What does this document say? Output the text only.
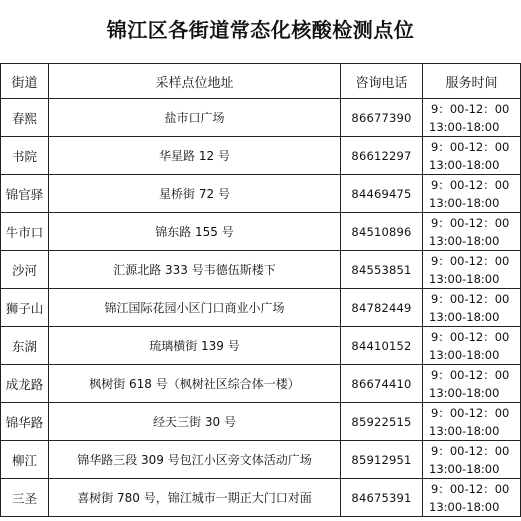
锦江区各街道常态化核酸检测点位
街道	采样点位地址	咨询电话	服务时间
春熙	盐市口广场	86677390	9：00-12：00
13:00-18:00

书院	华星路 12 号	86612297	9：00-12：00
13:00-18:00

锦官驿	星桥街 72 号	84469475	9：00-12：00
13:00-18:00

牛市口	锦东路 155 号	84510896	9：00-12：00
13:00-18:00

沙河	汇源北路 333 号韦德伍斯楼下	84553851	9：00-12：00
13:00-18:00

狮子山	锦江国际花园小区门口商业小广场	84782449	9：00-12：00
13:00-18:00

东湖	琉璃横街 139 号	84410152	9：00-12：00
13:00-18:00

成龙路	枫树街 618 号（枫树社区综合体一楼）	86674410	9：00-12：00
13:00-18:00

锦华路	经天三街 30 号	85922515	9：00-12：00
13:00-18:00

柳江	锦华路三段 309 号包江小区旁文体活动广场	85912951	9：00-12：00
13:00-18:00

三圣	喜树街 780 号，锦江城市一期正大门口对面	84675391	9：00-12：00
13:00-18:00
